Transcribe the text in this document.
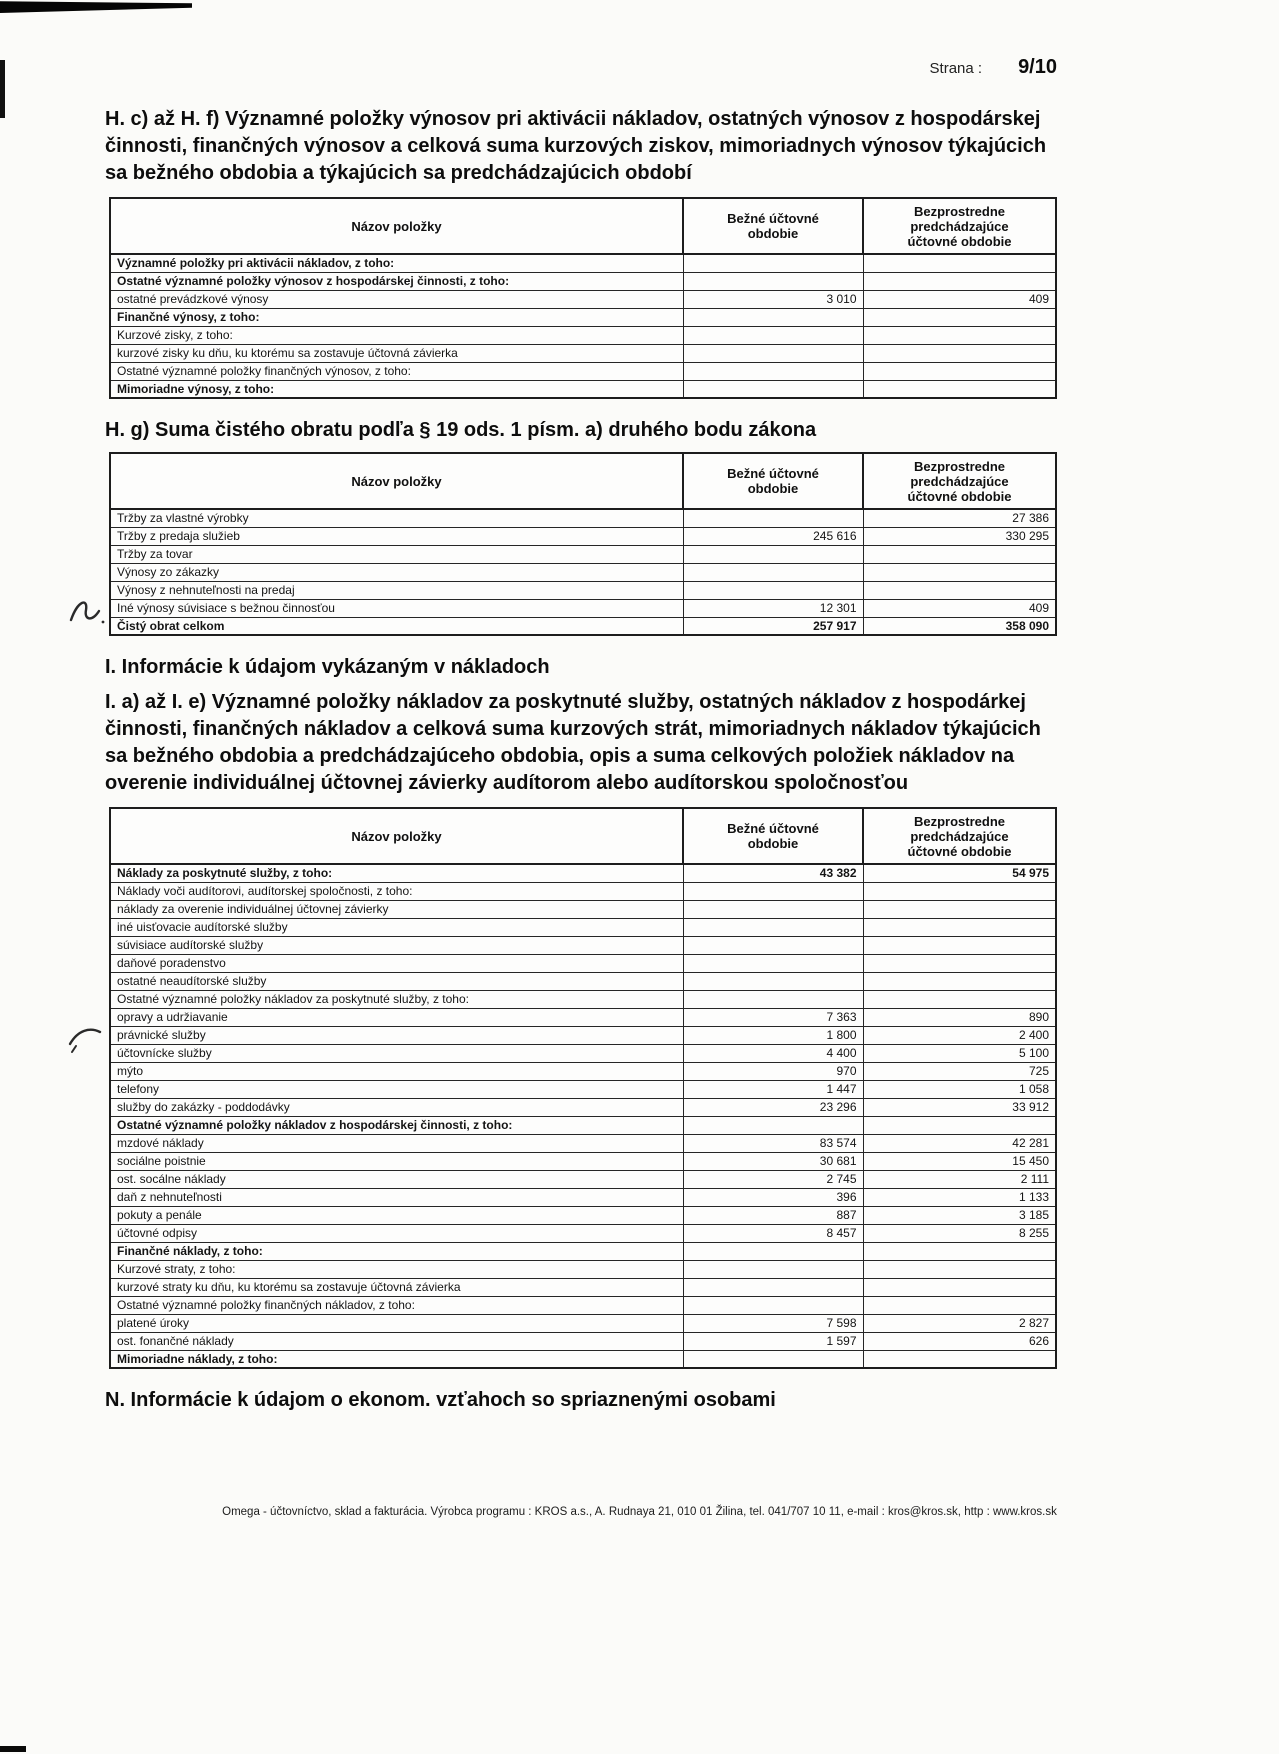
Strana : 9/10

H. c) až H. f) Významné položky výnosov pri aktivácii nákladov, ostatných výnosov z hospodárskej činnosti, finančných výnosov a celková suma kurzových ziskov, mimoriadnych výnosov týkajúcich sa bežného obdobia a týkajúcich sa predchádzajúcich období

Názov položky	Bežné účtovné obdobie	Bezprostredne predchádzajúce účtovné obdobie
Významné položky pri aktivácii nákladov, z toho:		
Ostatné významné položky výnosov z hospodárskej činnosti, z toho:		
ostatné prevádzkové výnosy	3 010	409
Finančné výnosy, z toho:		
Kurzové zisky, z toho:		
kurzové zisky ku dňu, ku ktorému sa zostavuje účtovná závierka		
Ostatné významné položky finančných výnosov, z toho:		
Mimoriadne výnosy, z toho:		

H. g) Suma čistého obratu podľa § 19 ods. 1 písm. a) druhého bodu zákona

Názov položky	Bežné účtovné obdobie	Bezprostredne predchádzajúce účtovné obdobie
Tržby za vlastné výrobky		27 386
Tržby z predaja služieb	245 616	330 295
Tržby za tovar		
Výnosy zo zákazky		
Výnosy z nehnuteľnosti na predaj		
Iné výnosy súvisiace s bežnou činnosťou	12 301	409
Čistý obrat celkom	257 917	358 090

I. Informácie k údajom vykázaným v nákladoch

I. a) až I. e) Významné položky nákladov za poskytnuté služby, ostatných nákladov z hospodárkej činnosti, finančných nákladov a celková suma kurzových strát, mimoriadnych nákladov týkajúcich sa bežného obdobia a predchádzajúceho obdobia, opis a suma celkových položiek nákladov na overenie individuálnej účtovnej závierky audítorom alebo audítorskou spoločnosťou

Názov položky	Bežné účtovné obdobie	Bezprostredne predchádzajúce účtovné obdobie
Náklady za poskytnuté služby, z toho:	43 382	54 975
Náklady voči audítorovi, audítorskej spoločnosti, z toho:		
náklady za overenie individuálnej účtovnej závierky		
iné uisťovacie audítorské služby		
súvisiace audítorské služby		
daňové poradenstvo		
ostatné neaudítorské služby		
Ostatné významné položky nákladov za poskytnuté služby, z toho:		
opravy a udržiavanie	7 363	890
právnické služby	1 800	2 400
účtovnícke služby	4 400	5 100
mýto	970	725
telefony	1 447	1 058
služby do zakázky - poddodávky	23 296	33 912
Ostatné významné položky nákladov z hospodárskej činnosti, z toho:		
mzdové náklady	83 574	42 281
sociálne poistnie	30 681	15 450
ost. socálne náklady	2 745	2 111
daň z nehnuteľnosti	396	1 133
pokuty a penále	887	3 185
účtovné odpisy	8 457	8 255
Finančné náklady, z toho:		
Kurzové straty, z toho:		
kurzové straty ku dňu, ku ktorému sa zostavuje účtovná závierka		
Ostatné významné položky finančných nákladov, z toho:		
platené úroky	7 598	2 827
ost. fonančné náklady	1 597	626
Mimoriadne náklady, z toho:		

N. Informácie k údajom o ekonom. vzťahoch so spriaznenými osobami

Omega - účtovníctvo, sklad a fakturácia. Výrobca programu : KROS a.s., A. Rudnaya 21, 010 01 Žilina, tel. 041/707 10 11, e-mail : kros@kros.sk, http : www.kros.sk
